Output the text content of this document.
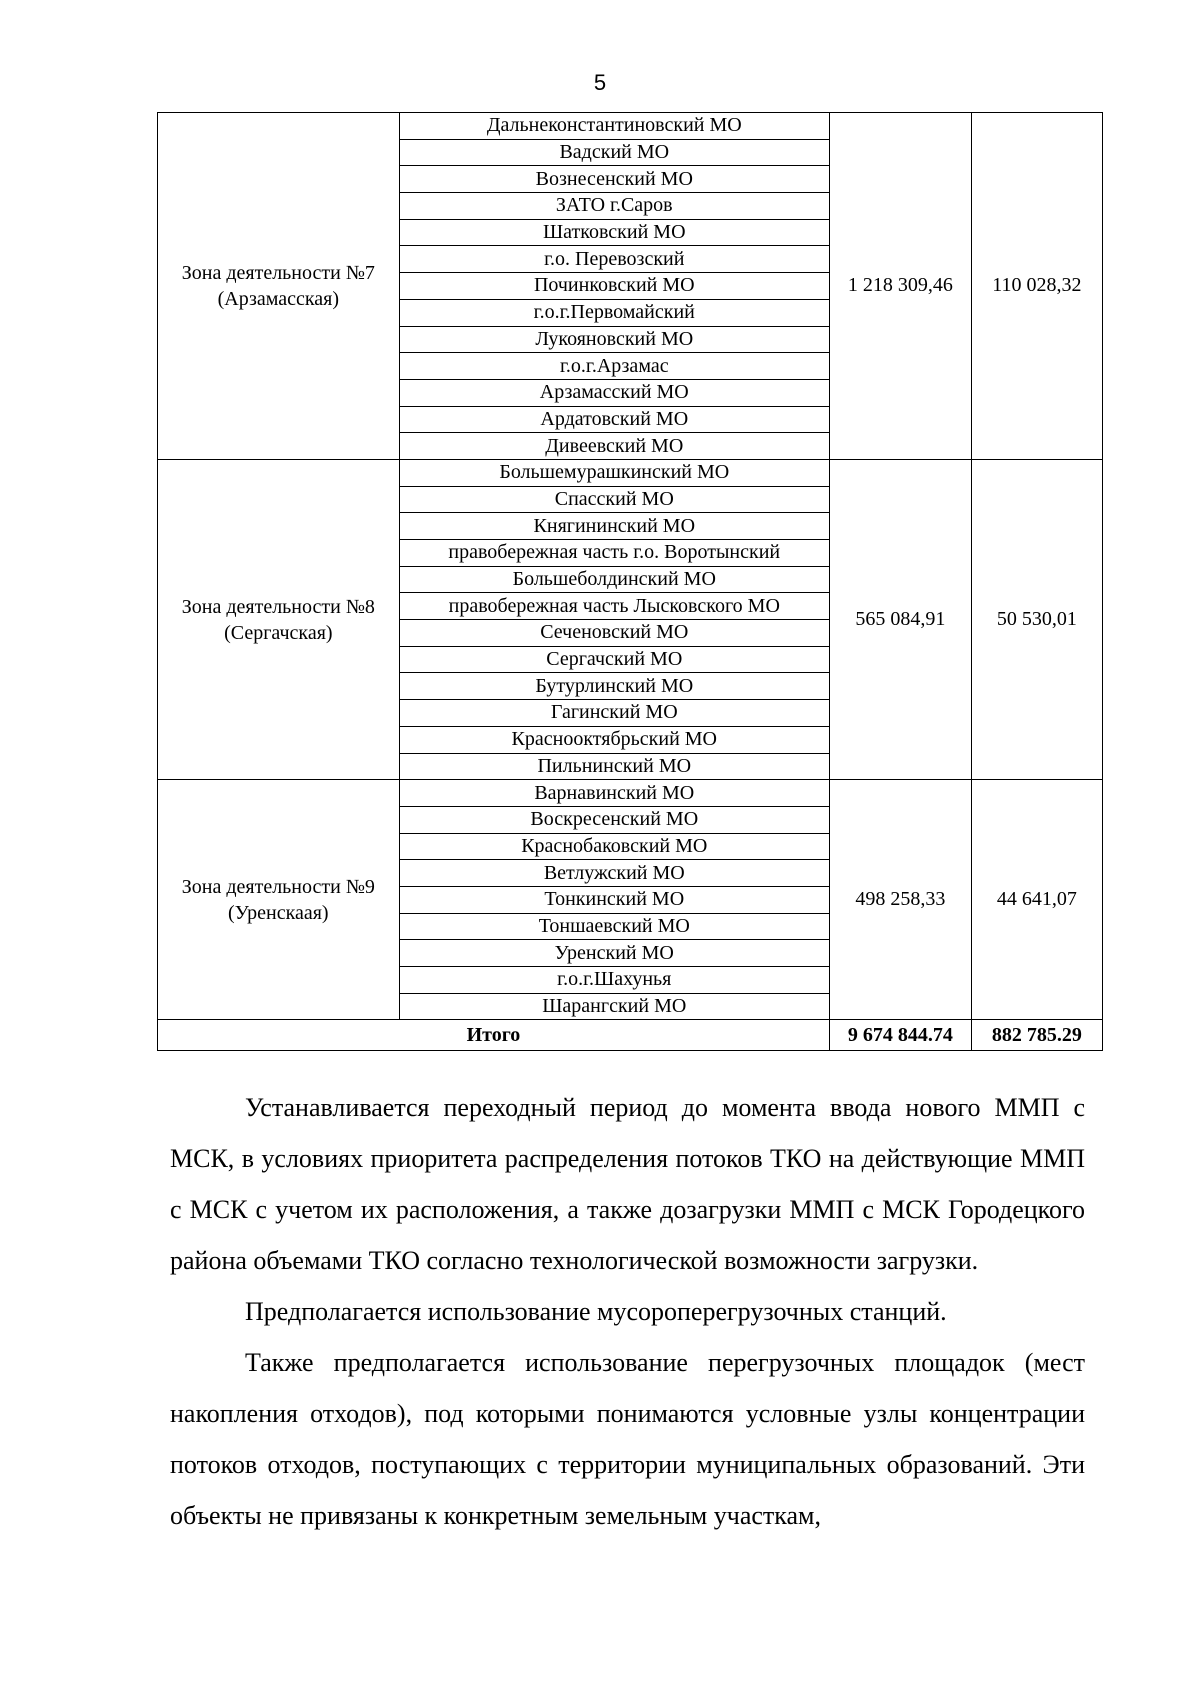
5
Зона деятельности №7 (Арзамасская)	Дальнеконстантиновский МО	1 218 309,46	110 028,32
	Вадский МО		
	Вознесенский МО		
	ЗАТО г.Саров		
	Шатковский МО		
	г.о. Перевозский		
	Починковский МО		
	г.о.г.Первомайский		
	Лукояновский МО		
	г.о.г.Арзамас		
	Арзамасский МО		
	Ардатовский МО		
	Дивеевский МО		
Зона деятельности №8 (Сергачская)	Большемурашкинский МО	565 084,91	50 530,01
	Спасский МО		
	Княгининский МО		
	правобережная часть г.о. Воротынский		
	Большеболдинский МО		
	правобережная часть Лысковского МО		
	Сеченовский МО		
	Сергачский МО		
	Бутурлинский МО		
	Гагинский МО		
	Краснооктябрьский МО		
	Пильнинский МО		
Зона деятельности №9 (Уренскаая)	Варнавинский МО	498 258,33	44 641,07
	Воскресенский МО		
	Краснобаковский МО		
	Ветлужский МО		
	Тонкинский МО		
	Тоншаевский МО		
	Уренский МО		
	г.о.г.Шахунья		
	Шарангский МО		
Итого		9 674 844.74	882 785.29

Устанавливается переходный период до момента ввода нового ММП с МСК, в условиях приоритета распределения потоков ТКО на действующие ММП с МСК с учетом их расположения, а также дозагрузки ММП с МСК Городецкого района объемами ТКО согласно технологической возможности загрузки.

Предполагается использование мусороперегрузочных станций.

Также предполагается использование перегрузочных площадок (мест накопления отходов), под которыми понимаются условные узлы концентрации потоков отходов, поступающих с территории муниципальных образований. Эти объекты не привязаны к конкретным земельным участкам,
